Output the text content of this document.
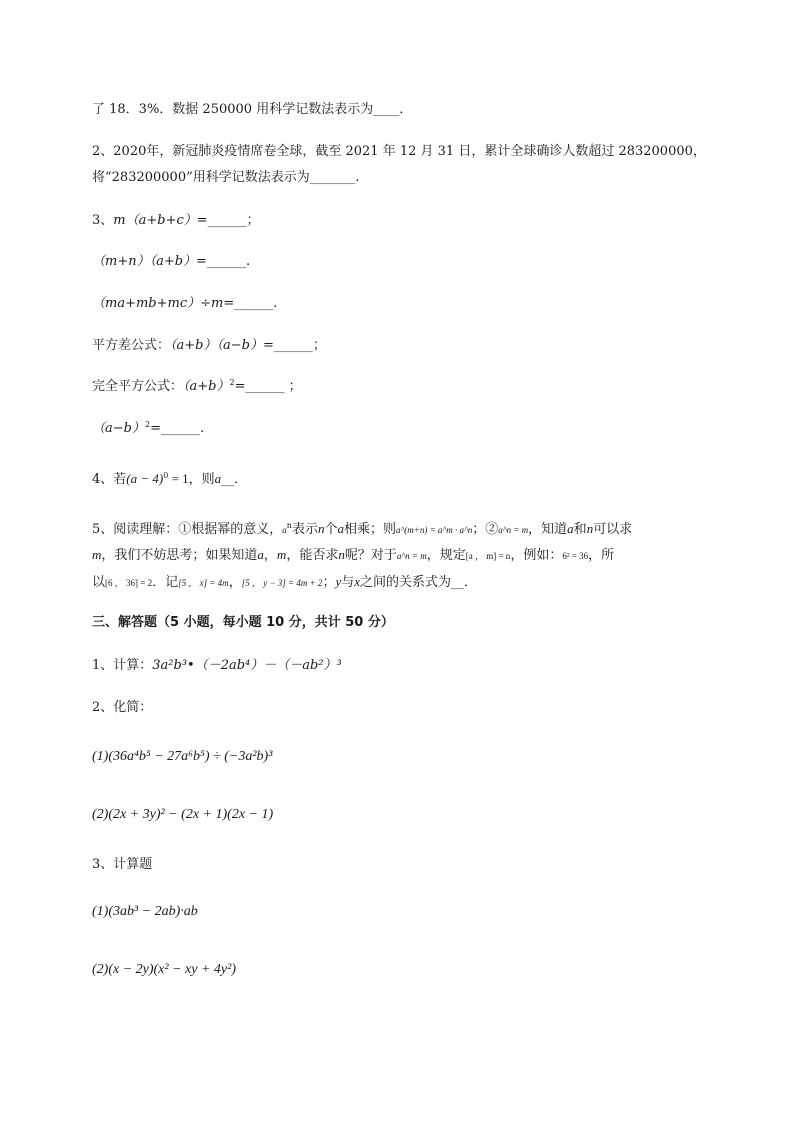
了 18．3%．数据 250000 用科学记数法表示为____．
2、2020年，新冠肺炎疫情席卷全球，截至 2021 年 12 月 31 日，累计全球确诊人数超过 283200000，
将“283200000”用科学记数法表示为_______.
3、m（a+b+c）=______；
（m+n）（a+b）=______.
（ma+mb+mc）÷m=______.
平方差公式：（a+b）（a−b）=______；
完全平方公式：$(a+b)^2=\_\_\_\_\_\_$ ；
$(a-b)^2=\_\_\_\_\_\_$.
4、若$(a - 4)^0 = 1$，则a__．
5、阅读理解：①根据幂的意义，$a^n$表示n个a相乘；则a^(m+n) = a^m · a^n；②a^n = m，知道a和n可以求
m，我们不妨思考；如果知道a，m，能否求n呢？对于a^n = m，规定[a ， m] = n，例如：6² = 36，所
以[6 ， 36] = 2．记[5 ， x] = 4m，[5 ， y − 3] = 4m + 2；y与x之间的关系式为__．
三、解答题（5 小题，每小题 10 分，共计 50 分）
1、计算：3a²b³•（－2ab⁴）－（－ab²）³
2、化简：
(1)(36a⁴b⁵ − 27a⁶b⁵) ÷ (−3a²b)³
(2)(2x + 3y)² − (2x + 1)(2x − 1)
3、计算题
(1)(3ab³ − 2ab)·ab
(2)(x − 2y)(x² − xy + 4y²)
